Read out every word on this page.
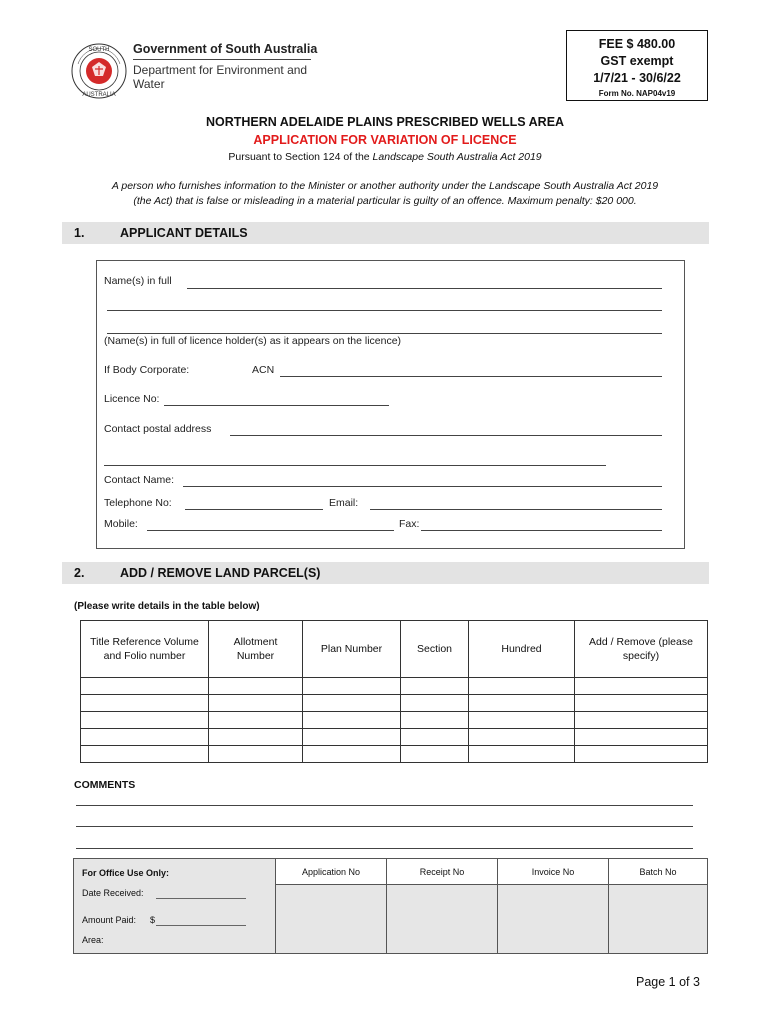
SOUTH
AUSTRALIA
Government of South Australia
Department for Environment and Water
FEE $ 480.00
GST exempt
1/7/21 - 30/6/22
Form No. NAP04v19
NORTHERN ADELAIDE PLAINS PRESCRIBED WELLS AREA
APPLICATION FOR VARIATION OF LICENCE
Pursuant to Section 124 of the Landscape South Australia Act 2019
A person who furnishes information to the Minister or another authority under the Landscape South Australia Act 2019
(the Act) that is false or misleading in a material particular is guilty of an offence. Maximum penalty: $20 000.
1.	APPLICANT DETAILS
Name(s) in full
(Name(s) in full of licence holder(s) as it appears on the licence)
If Body Corporate:	ACN
Licence No:
Contact postal address
Contact Name:
Telephone No:	Email:
Mobile:	Fax:
2.	ADD / REMOVE LAND PARCEL(S)
(Please write details in the table below)
Title Reference Volume and Folio number	Allotment Number	Plan Number	Section	Hundred	Add / Remove (please specify)

COMMENTS
For Office Use Only:
Date Received:
Amount Paid: $
Area:
Application No	Receipt No	Invoice No	Batch No
Page 1 of 3
